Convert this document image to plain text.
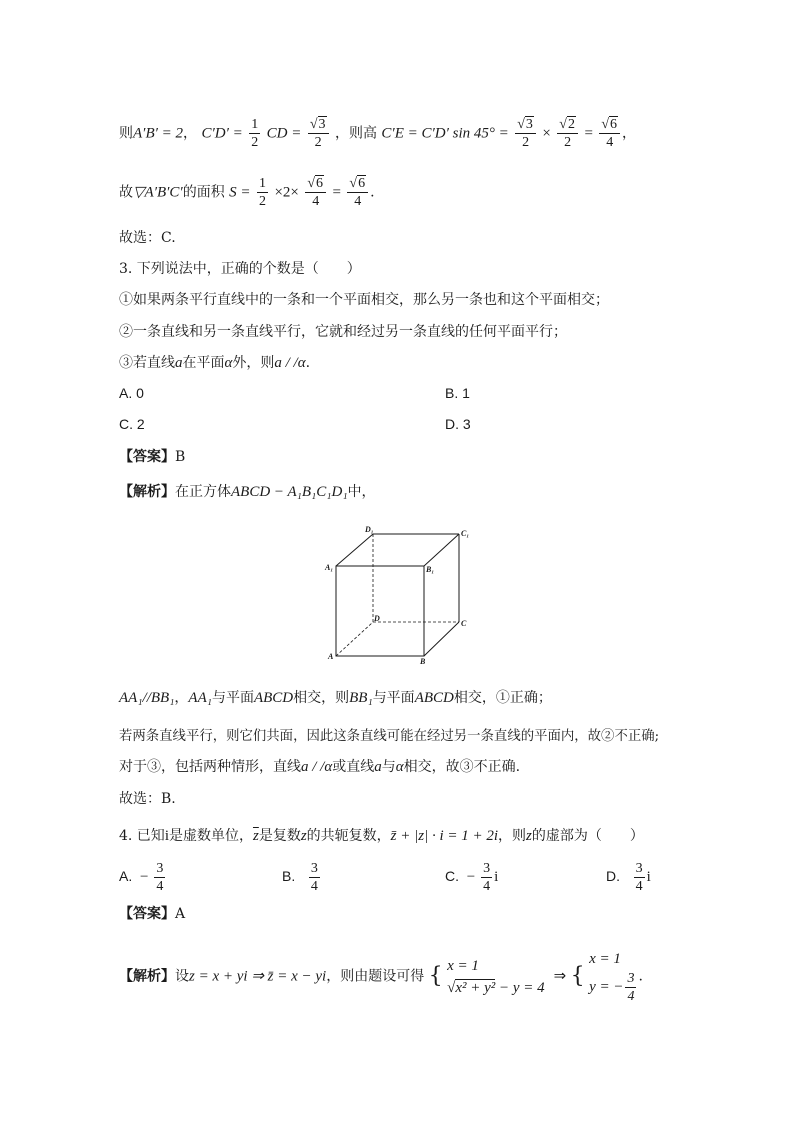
则A′B′ = 2， $C'D' = \frac{1}{2}$ CD = $\frac{√3}{2}$ ，则高 C′E = C′D′ $\sin 45^\circ = \frac{√3}{2} \times \frac{√2}{2} = \frac{√6}{4}$ ，
故▽A′B′C′的面积 $S = \frac{1}{2} \times 2\times \frac{√6}{4} = \frac{√6}{4}$ .
故选：C.
3. 下列说法中，正确的个数是（　　）
①如果两条平行直线中的一条和一个平面相交，那么另一条也和这个平面相交；
②一条直线和另一条直线平行，它就和经过另一条直线的任何平面平行；
③若直线a在平面α外，则a / /α.
A. 0	B. 1
C. 2	D. 3
【答案】B
【解析】在正方体ABCD − A₁B₁C₁D₁中，
D₁	C₁
A₁	B₁
D
C
A
B
AA₁//BB₁，AA₁与平面ABCD相交，则BB₁与平面ABCD相交，①正确；
若两条直线平行，则它们共面，因此这条直线可能在经过另一条直线的平面内，故②不正确;
对于③，包括两种情形，直线a / /α或直线a与α相交，故③不正确.
故选：B.
4. 已知i是虚数单位，$\overline{z}$是复数z的共轭复数，z̄ + |z| · i = 1 + 2i，则z的虚部为（　　）
A. − $\frac{3}{4}$	B. $\frac{3}{4}$	C. − $\frac{3}{4}$ i	D. $\frac{3}{4}$ i
【答案】A
【解析】设z = x + yi ⇒ z̄ = x − yi，则由题设可得 { x = 1
√x² + y² − y = 4
⇒ {
x = 1
y = − $\frac{3}{4}$ .
